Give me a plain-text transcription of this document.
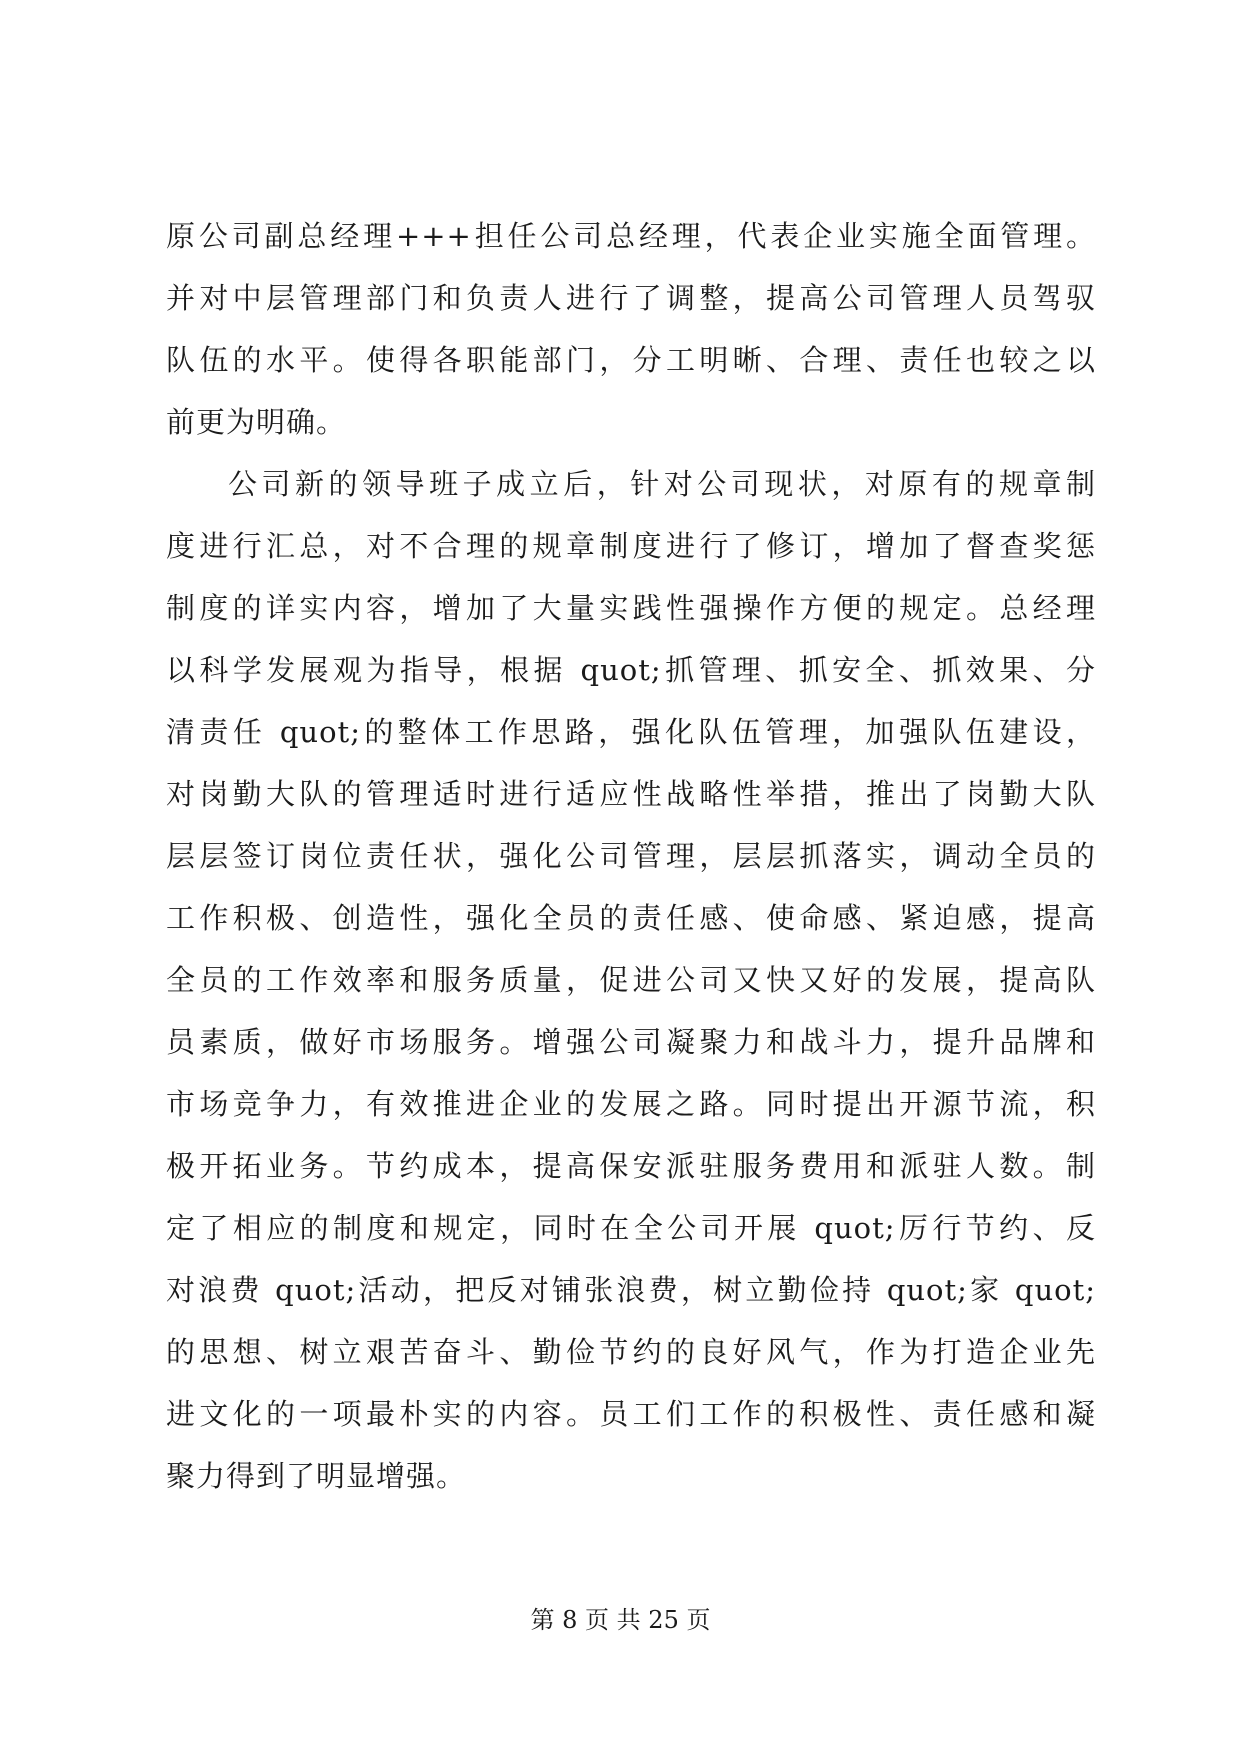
原公司副总经理+++担任公司总经理，代表企业实施全面管理。
并对中层管理部门和负责人进行了调整，提高公司管理人员驾驭
队伍的水平。使得各职能部门，分工明晰、合理、责任也较之以
前更为明确。
公司新的领导班子成立后，针对公司现状，对原有的规章制
度进行汇总，对不合理的规章制度进行了修订，增加了督查奖惩
制度的详实内容，增加了大量实践性强操作方便的规定。总经理
以科学发展观为指导，根据 quot;抓管理、抓安全、抓效果、分
清责任 quot;的整体工作思路，强化队伍管理，加强队伍建设，
对岗勤大队的管理适时进行适应性战略性举措，推出了岗勤大队
层层签订岗位责任状，强化公司管理，层层抓落实，调动全员的
工作积极、创造性，强化全员的责任感、使命感、紧迫感，提高
全员的工作效率和服务质量，促进公司又快又好的发展，提高队
员素质，做好市场服务。增强公司凝聚力和战斗力，提升品牌和
市场竞争力，有效推进企业的发展之路。同时提出开源节流，积
极开拓业务。节约成本，提高保安派驻服务费用和派驻人数。制
定了相应的制度和规定，同时在全公司开展 quot;厉行节约、反
对浪费 quot;活动，把反对铺张浪费，树立勤俭持 quot;家 quot;
的思想、树立艰苦奋斗、勤俭节约的良好风气，作为打造企业先
进文化的一项最朴实的内容。员工们工作的积极性、责任感和凝
聚力得到了明显增强。
第 8 页 共 25 页
